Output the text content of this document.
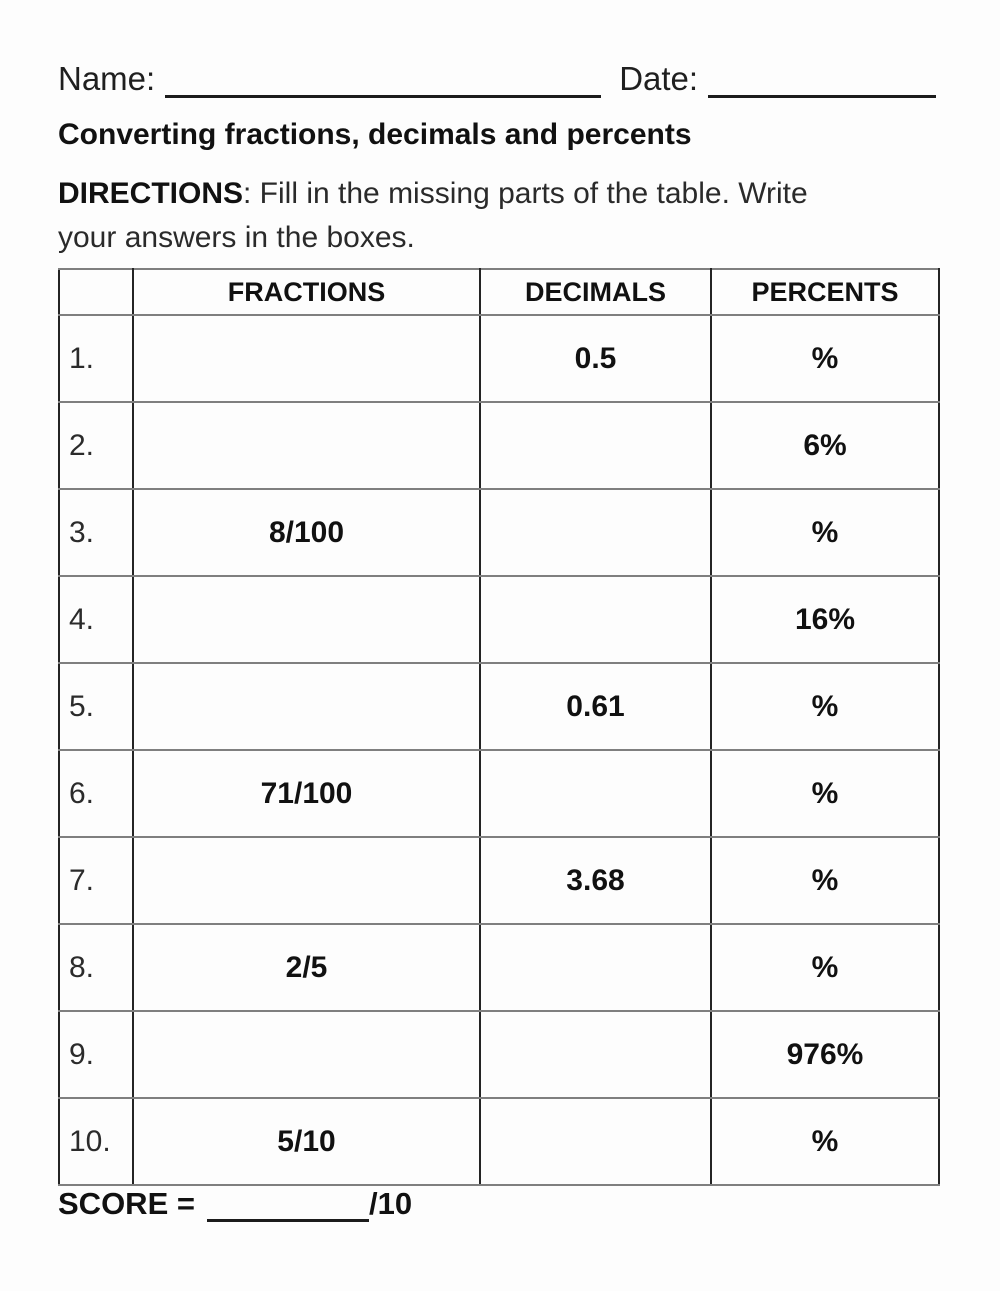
Name:	Date:
Converting fractions, decimals and percents
DIRECTIONS: Fill in the missing parts of the table. Write
your answers in the boxes.
	FRACTIONS	DECIMALS	PERCENTS
1.		0.5	%
2.			6%
3.	8/100		%
4.			16%
5.		0.61	%
6.	71/100		%
7.		3.68	%
8.	2/5		%
9.			976%
10.	5/10		%
SCORE =	/10
